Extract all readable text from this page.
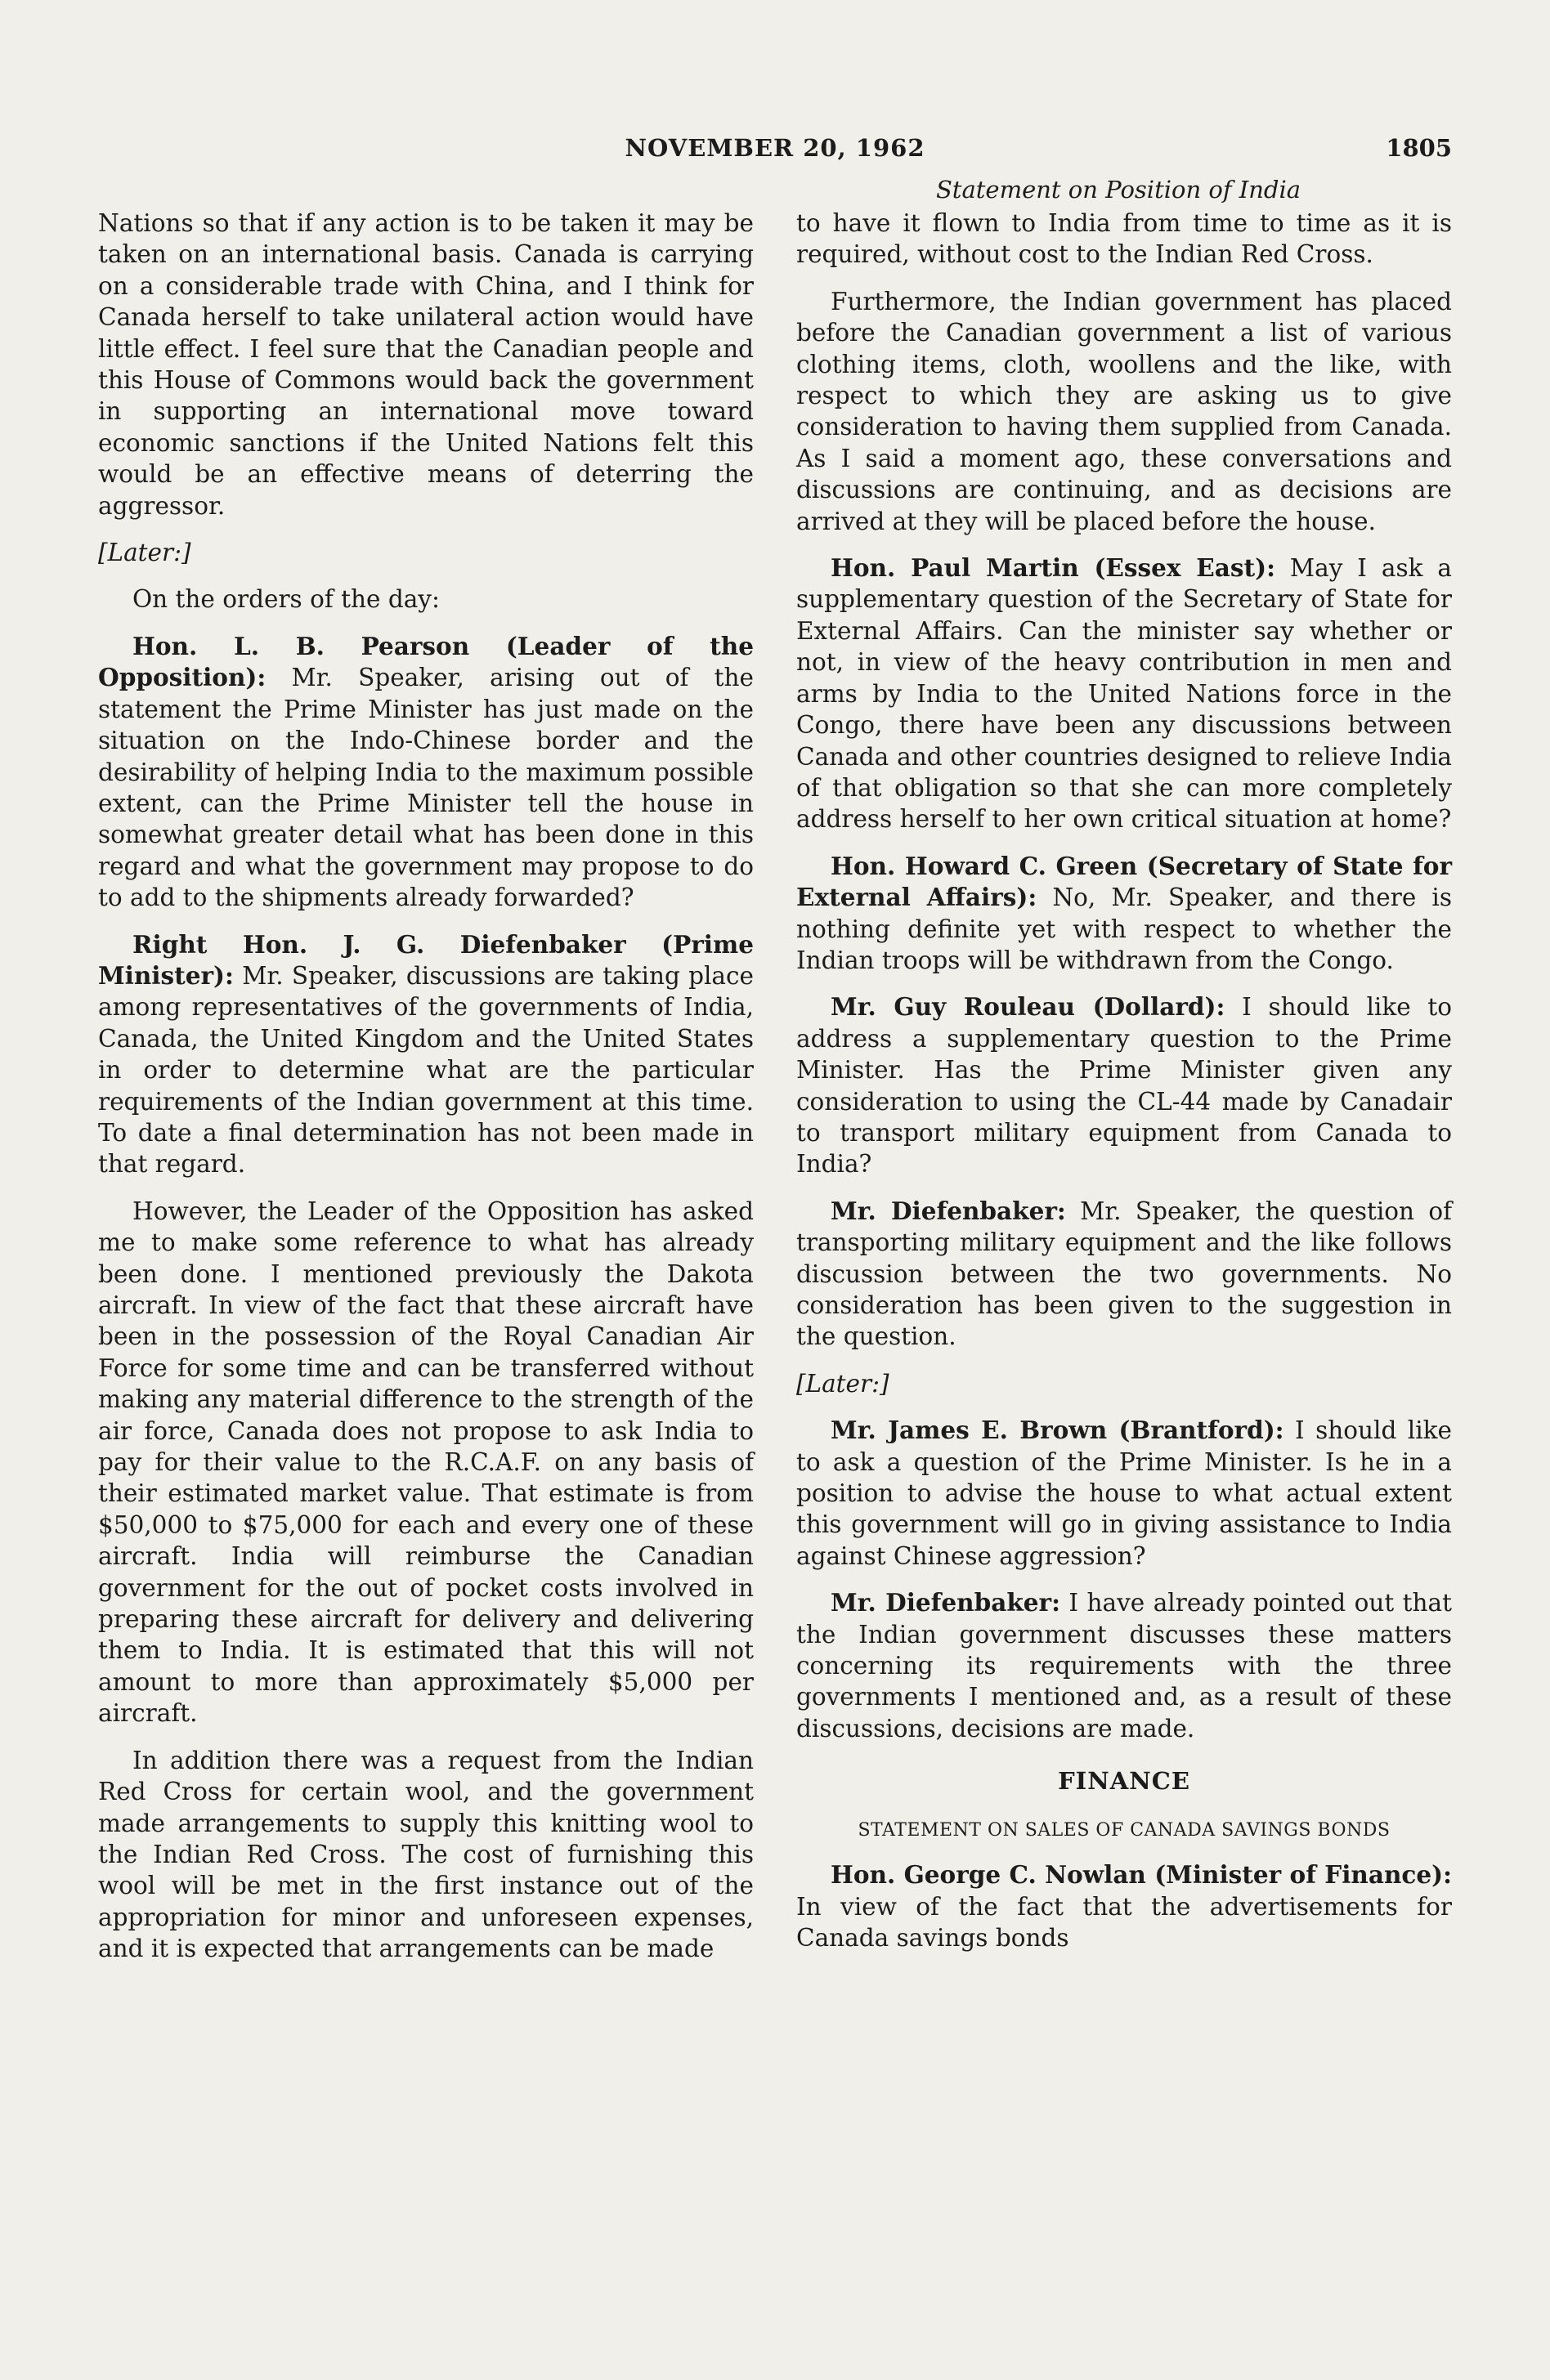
NOVEMBER 20, 1962	1805
Statement on Position of India

Nations so that if any action is to be taken it may be taken on an international basis. Canada is carrying on a considerable trade with China, and I think for Canada herself to take unilateral action would have little effect. I feel sure that the Canadian people and this House of Commons would back the government in supporting an international move toward economic sanctions if the United Nations felt this would be an effective means of deterring the aggressor.

[Later:]

On the orders of the day:

Hon. L. B. Pearson (Leader of the Opposition): Mr. Speaker, arising out of the statement the Prime Minister has just made on the situation on the Indo-Chinese border and the desirability of helping India to the maximum possible extent, can the Prime Minister tell the house in somewhat greater detail what has been done in this regard and what the government may propose to do to add to the shipments already forwarded?

Right Hon. J. G. Diefenbaker (Prime Minister): Mr. Speaker, discussions are taking place among representatives of the governments of India, Canada, the United Kingdom and the United States in order to determine what are the particular requirements of the Indian government at this time. To date a final determination has not been made in that regard.

However, the Leader of the Opposition has asked me to make some reference to what has already been done. I mentioned previously the Dakota aircraft. In view of the fact that these aircraft have been in the possession of the Royal Canadian Air Force for some time and can be transferred without making any material difference to the strength of the air force, Canada does not propose to ask India to pay for their value to the R.C.A.F. on any basis of their estimated market value. That estimate is from $50,000 to $75,000 for each and every one of these aircraft. India will reimburse the Canadian government for the out of pocket costs involved in preparing these aircraft for delivery and delivering them to India. It is estimated that this will not amount to more than approximately $5,000 per aircraft.

In addition there was a request from the Indian Red Cross for certain wool, and the government made arrangements to supply this knitting wool to the Indian Red Cross. The cost of furnishing this wool will be met in the first instance out of the appropriation for minor and unforeseen expenses, and it is expected that arrangements can be made

to have it flown to India from time to time as it is required, without cost to the Indian Red Cross.

Furthermore, the Indian government has placed before the Canadian government a list of various clothing items, cloth, woollens and the like, with respect to which they are asking us to give consideration to having them supplied from Canada. As I said a moment ago, these conversations and discussions are continuing, and as decisions are arrived at they will be placed before the house.

Hon. Paul Martin (Essex East): May I ask a supplementary question of the Secretary of State for External Affairs. Can the minister say whether or not, in view of the heavy contribution in men and arms by India to the United Nations force in the Congo, there have been any discussions between Canada and other countries designed to relieve India of that obligation so that she can more completely address herself to her own critical situation at home?

Hon. Howard C. Green (Secretary of State for External Affairs): No, Mr. Speaker, and there is nothing definite yet with respect to whether the Indian troops will be withdrawn from the Congo.

Mr. Guy Rouleau (Dollard): I should like to address a supplementary question to the Prime Minister. Has the Prime Minister given any consideration to using the CL-44 made by Canadair to transport military equipment from Canada to India?

Mr. Diefenbaker: Mr. Speaker, the question of transporting military equipment and the like follows discussion between the two governments. No consideration has been given to the suggestion in the question.

[Later:]

Mr. James E. Brown (Brantford): I should like to ask a question of the Prime Minister. Is he in a position to advise the house to what actual extent this government will go in giving assistance to India against Chinese aggression?

Mr. Diefenbaker: I have already pointed out that the Indian government discusses these matters concerning its requirements with the three governments I mentioned and, as a result of these discussions, decisions are made.

FINANCE
STATEMENT ON SALES OF CANADA SAVINGS BONDS

Hon. George C. Nowlan (Minister of Finance): In view of the fact that the advertisements for Canada savings bonds
